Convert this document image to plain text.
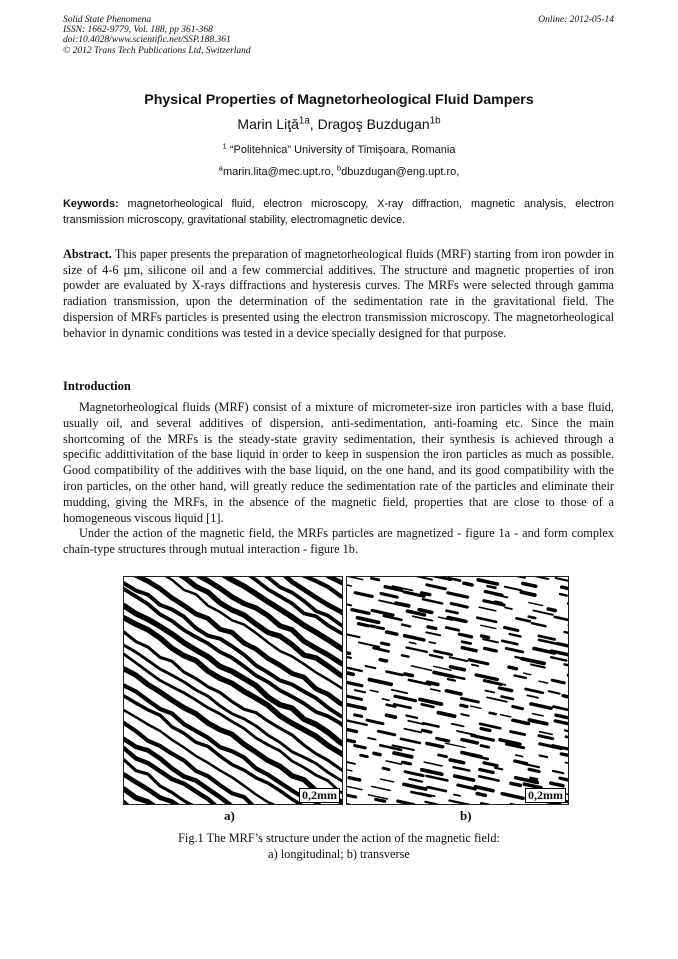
Solid State Phenomena
ISSN: 1662-9779, Vol. 188, pp 361-368
doi:10.4028/www.scientific.net/SSP.188.361
© 2012 Trans Tech Publications Ltd, Switzerland
Online: 2012-05-14
Physical Properties of Magnetorheological Fluid Dampers
Marin Liţă$^{1a}$, Dragoş Buzdugan$^{1b}$
$^1$ “Politehnica” University of Timişoara, Romania
$^a$marin.lita@mec.upt.ro, $^b$dbuzdugan@eng.upt.ro,
Keywords: magnetorheological fluid, electron microscopy, X-ray diffraction, magnetic analysis, electron transmission microscopy, gravitational stability, electromagnetic device.
Abstract. This paper presents the preparation of magnetorheological fluids (MRF) starting from iron powder in size of 4-6 µm, silicone oil and a few commercial additives. The structure and magnetic properties of iron powder are evaluated by X-rays diffractions and hysteresis curves. The MRFs were selected through gamma radiation transmission, upon the determination of the sedimentation rate in the gravitational field. The dispersion of MRFs particles is presented using the electron transmission microscopy. The magnetorheological behavior in dynamic conditions was tested in a device specially designed for that purpose.
Introduction

Magnetorheological fluids (MRF) consist of a mixture of micrometer-size iron particles with a base fluid, usually oil, and several additives of dispersion, anti-sedimentation, anti-foaming etc. Since the main shortcoming of the MRFs is the steady-state gravity sedimentation, their synthesis is achieved through a specific addittivitation of the base liquid in order to keep in suspension the iron particles as much as possible. Good compatibility of the additives with the base liquid, on the one hand, and its good compatibility with the iron particles, on the other hand, will greatly reduce the sedimentation rate of the particles and eliminate their mudding, giving the MRFs, in the absence of the magnetic field, properties that are close to those of a homogeneous viscous liquid [1].

Under the action of the magnetic field, the MRFs particles are magnetized - figure 1a - and form complex chain-type structures through mutual interaction - figure 1b.

0,2mm	0,2mm
a)	b)
Fig.1 The MRF’s structure under the action of the magnetic field:
a) longitudinal; b) transverse
